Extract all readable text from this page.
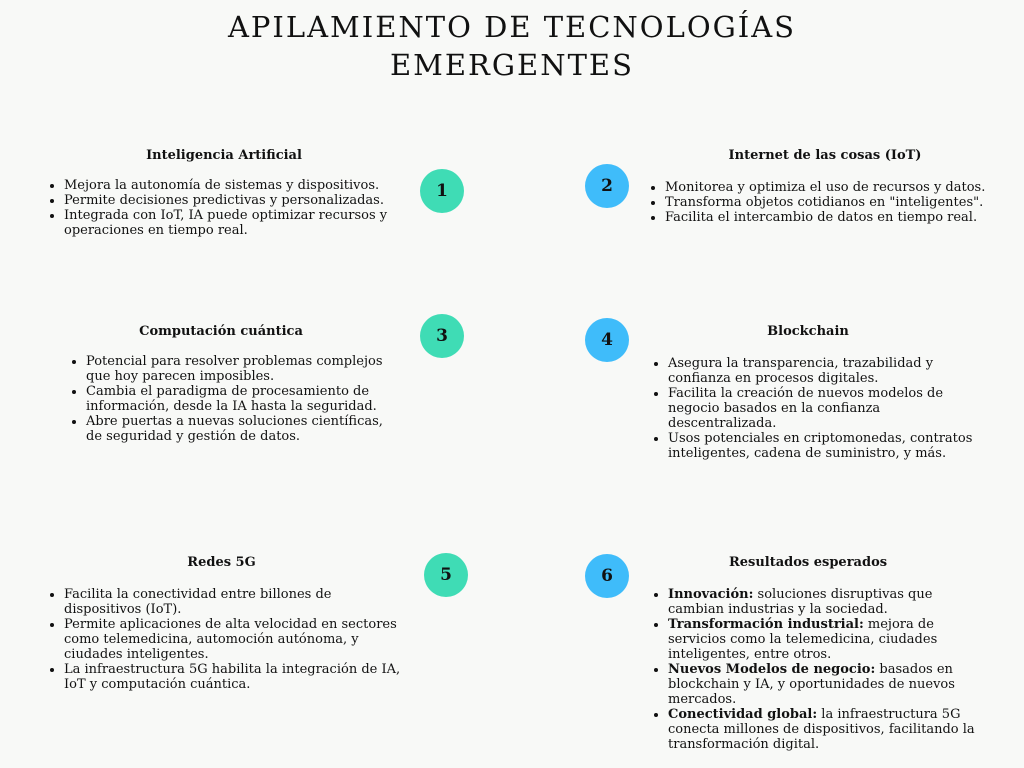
APILAMIENTO DE TECNOLOGÍAS
EMERGENTES
1	2
3	4
5	6
Inteligencia Artificial
• Mejora la autonomía de sistemas y dispositivos.
• Permite decisiones predictivas y personalizadas.
• Integrada con IoT, IA puede optimizar recursos y operaciones en tiempo real.
Internet de las cosas (IoT)
• Monitorea y optimiza el uso de recursos y datos.
• Transforma objetos cotidianos en "inteligentes".
• Facilita el intercambio de datos en tiempo real.
Computación cuántica
• Potencial para resolver problemas complejos que hoy parecen imposibles.
• Cambia el paradigma de procesamiento de información, desde la IA hasta la seguridad.
• Abre puertas a nuevas soluciones científicas, de seguridad y gestión de datos.
Blockchain
• Asegura la transparencia, trazabilidad y confianza en procesos digitales.
• Facilita la creación de nuevos modelos de negocio basados en la confianza descentralizada.
• Usos potenciales en criptomonedas, contratos inteligentes, cadena de suministro, y más.
Redes 5G
• Facilita la conectividad entre billones de dispositivos (IoT).
• Permite aplicaciones de alta velocidad en sectores como telemedicina, automoción autónoma, y ciudades inteligentes.
• La infraestructura 5G habilita la integración de IA, IoT y computación cuántica.
Resultados esperados
• Innovación: soluciones disruptivas que cambian industrias y la sociedad.
• Transformación industrial: mejora de servicios como la telemedicina, ciudades inteligentes, entre otros.
• Nuevos Modelos de negocio: basados en blockchain y IA, y oportunidades de nuevos mercados.
• Conectividad global: la infraestructura 5G conecta millones de dispositivos, facilitando la transformación digital.
